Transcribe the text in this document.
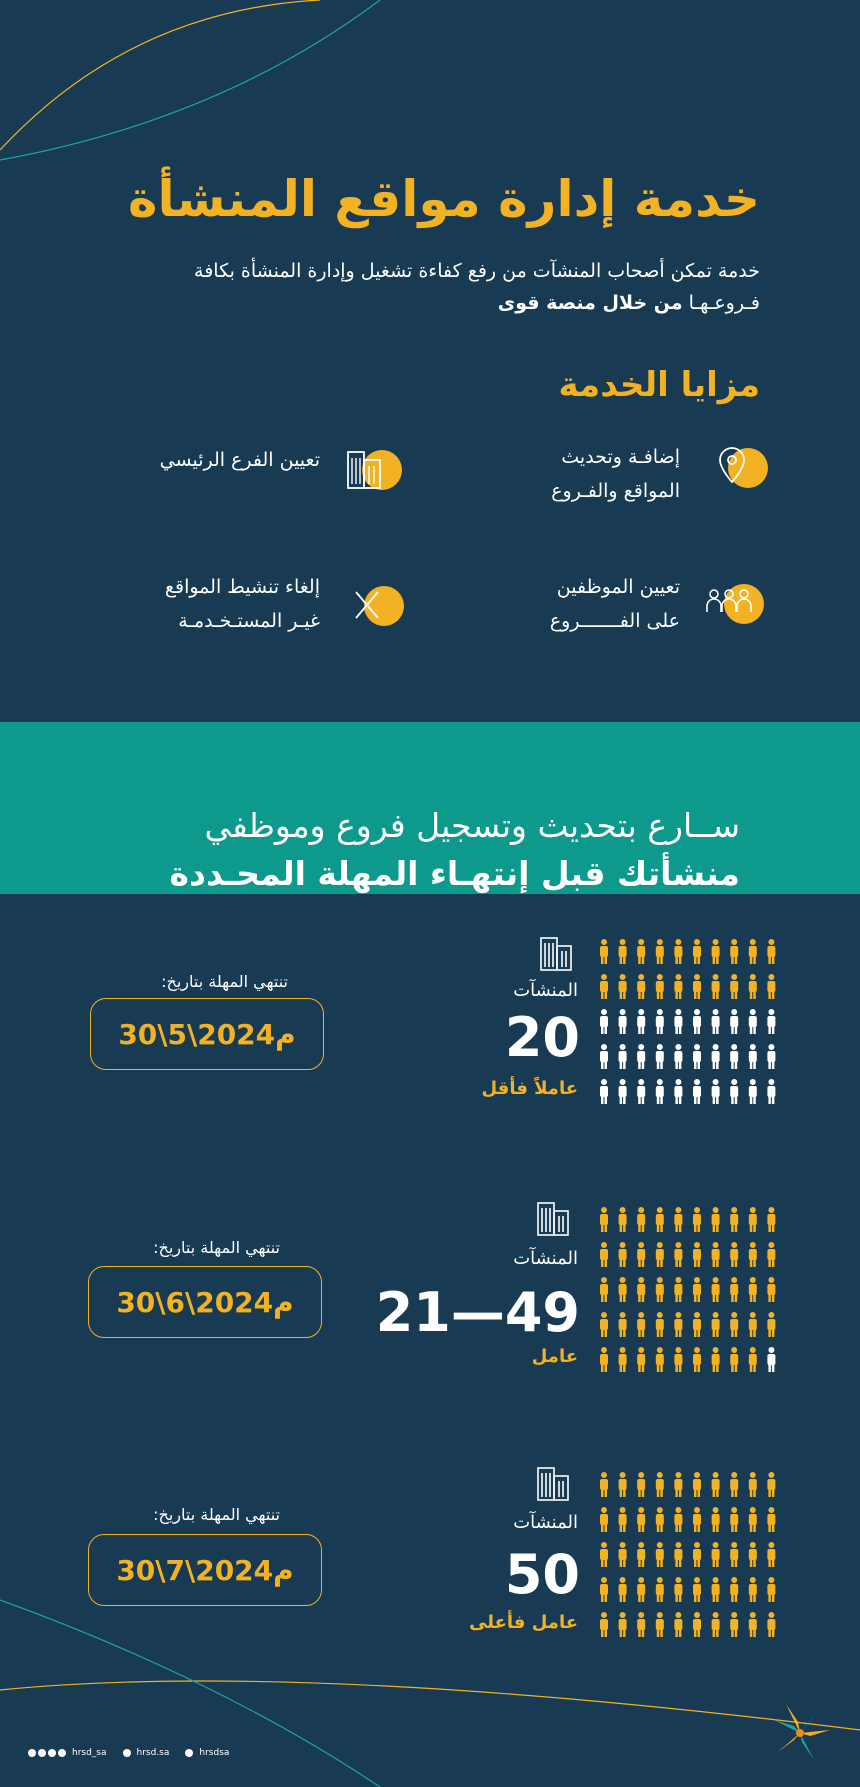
خدمة إدارة مواقع المنشأة
خدمة تمكن أصحاب المنشآت من رفع كفاءة تشغيل وإدارة المنشأة بكافة
فـروعـهـا من خلال منصة قوى
مزايا الخدمة
إضافـة وتحديث
المواقع والفـروع
تعيين الفرع الرئيسي
تعيين الموظفين
على الفـــــــروع
إلغاء تنشيط المواقع
غيـر المستـخـدمـة

ســارع بتحديث وتسجيل فروع وموظفي

منشأتك قبل إنتهـاء المهلة المحـددة

المنشآت
20
عاملاً فأقل
تنتهي المهلة بتاريخ:
30\5\2024م
المنشآت
49—21
عامل
تنتهي المهلة بتاريخ:
30\6\2024م
المنشآت
50
عامل فأعلى
تنتهي المهلة بتاريخ:
30\7\2024م
hrsd_sa	hrsd.sa	hrsdsa
